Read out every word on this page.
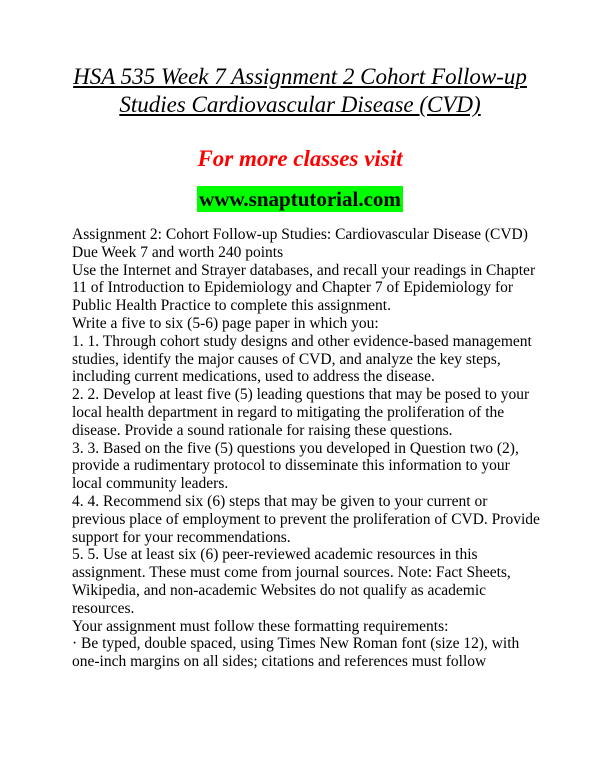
HSA 535 Week 7 Assignment 2 Cohort Follow-up Studies Cardiovascular Disease (CVD)
For more classes visit
www.snaptutorial.com

Assignment 2: Cohort Follow-up Studies: Cardiovascular Disease (CVD)

Due Week 7 and worth 240 points

Use the Internet and Strayer databases, and recall your readings in Chapter 11 of Introduction to Epidemiology and Chapter 7 of Epidemiology for Public Health Practice to complete this assignment.

Write a five to six (5-6) page paper in which you:

1. 1. Through cohort study designs and other evidence-based management studies, identify the major causes of CVD, and analyze the key steps, including current medications, used to address the disease.

2. 2. Develop at least five (5) leading questions that may be posed to your local health department in regard to mitigating the proliferation of the disease. Provide a sound rationale for raising these questions.

3. 3. Based on the five (5) questions you developed in Question two (2), provide a rudimentary protocol to disseminate this information to your local community leaders.

4. 4. Recommend six (6) steps that may be given to your current or previous place of employment to prevent the proliferation of CVD. Provide support for your recommendations.

5. 5. Use at least six (6) peer-reviewed academic resources in this assignment. These must come from journal sources. Note: Fact Sheets, Wikipedia, and non-academic Websites do not qualify as academic resources.

Your assignment must follow these formatting requirements:

· Be typed, double spaced, using Times New Roman font (size 12), with one-inch margins on all sides; citations and references must follow
